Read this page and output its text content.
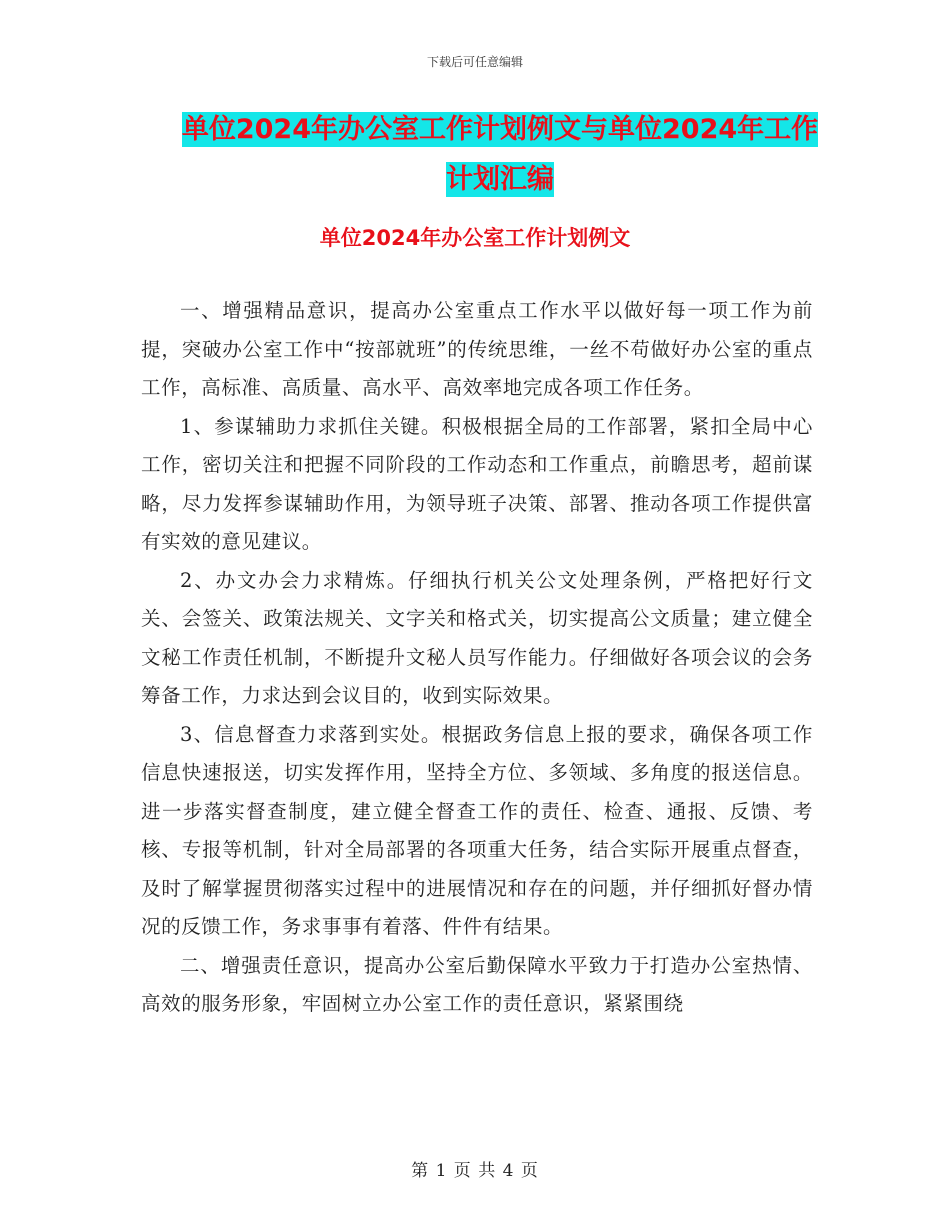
下载后可任意编辑
单位2024年办公室工作计划例文与单位2024年工作
计划汇编
单位2024年办公室工作计划例文

一、增强精品意识，提高办公室重点工作水平以做好每一项工作为前提，突破办公室工作中“按部就班”的传统思维，一丝不苟做好办公室的重点工作，高标准、高质量、高水平、高效率地完成各项工作任务。

1、参谋辅助力求抓住关键。积极根据全局的工作部署，紧扣全局中心工作，密切关注和把握不同阶段的工作动态和工作重点，前瞻思考，超前谋略，尽力发挥参谋辅助作用，为领导班子决策、部署、推动各项工作提供富有实效的意见建议。

2、办文办会力求精炼。仔细执行机关公文处理条例，严格把好行文关、会签关、政策法规关、文字关和格式关，切实提高公文质量；建立健全文秘工作责任机制，不断提升文秘人员写作能力。仔细做好各项会议的会务筹备工作，力求达到会议目的，收到实际效果。

3、信息督查力求落到实处。根据政务信息上报的要求，确保各项工作信息快速报送，切实发挥作用，坚持全方位、多领域、多角度的报送信息。进一步落实督查制度，建立健全督查工作的责任、检查、通报、反馈、考核、专报等机制，针对全局部署的各项重大任务，结合实际开展重点督查，及时了解掌握贯彻落实过程中的进展情况和存在的问题，并仔细抓好督办情况的反馈工作，务求事事有着落、件件有结果。

二、增强责任意识，提高办公室后勤保障水平致力于打造办公室热情、高效的服务形象，牢固树立办公室工作的责任意识，紧紧围绕

第 1 页 共 4 页
